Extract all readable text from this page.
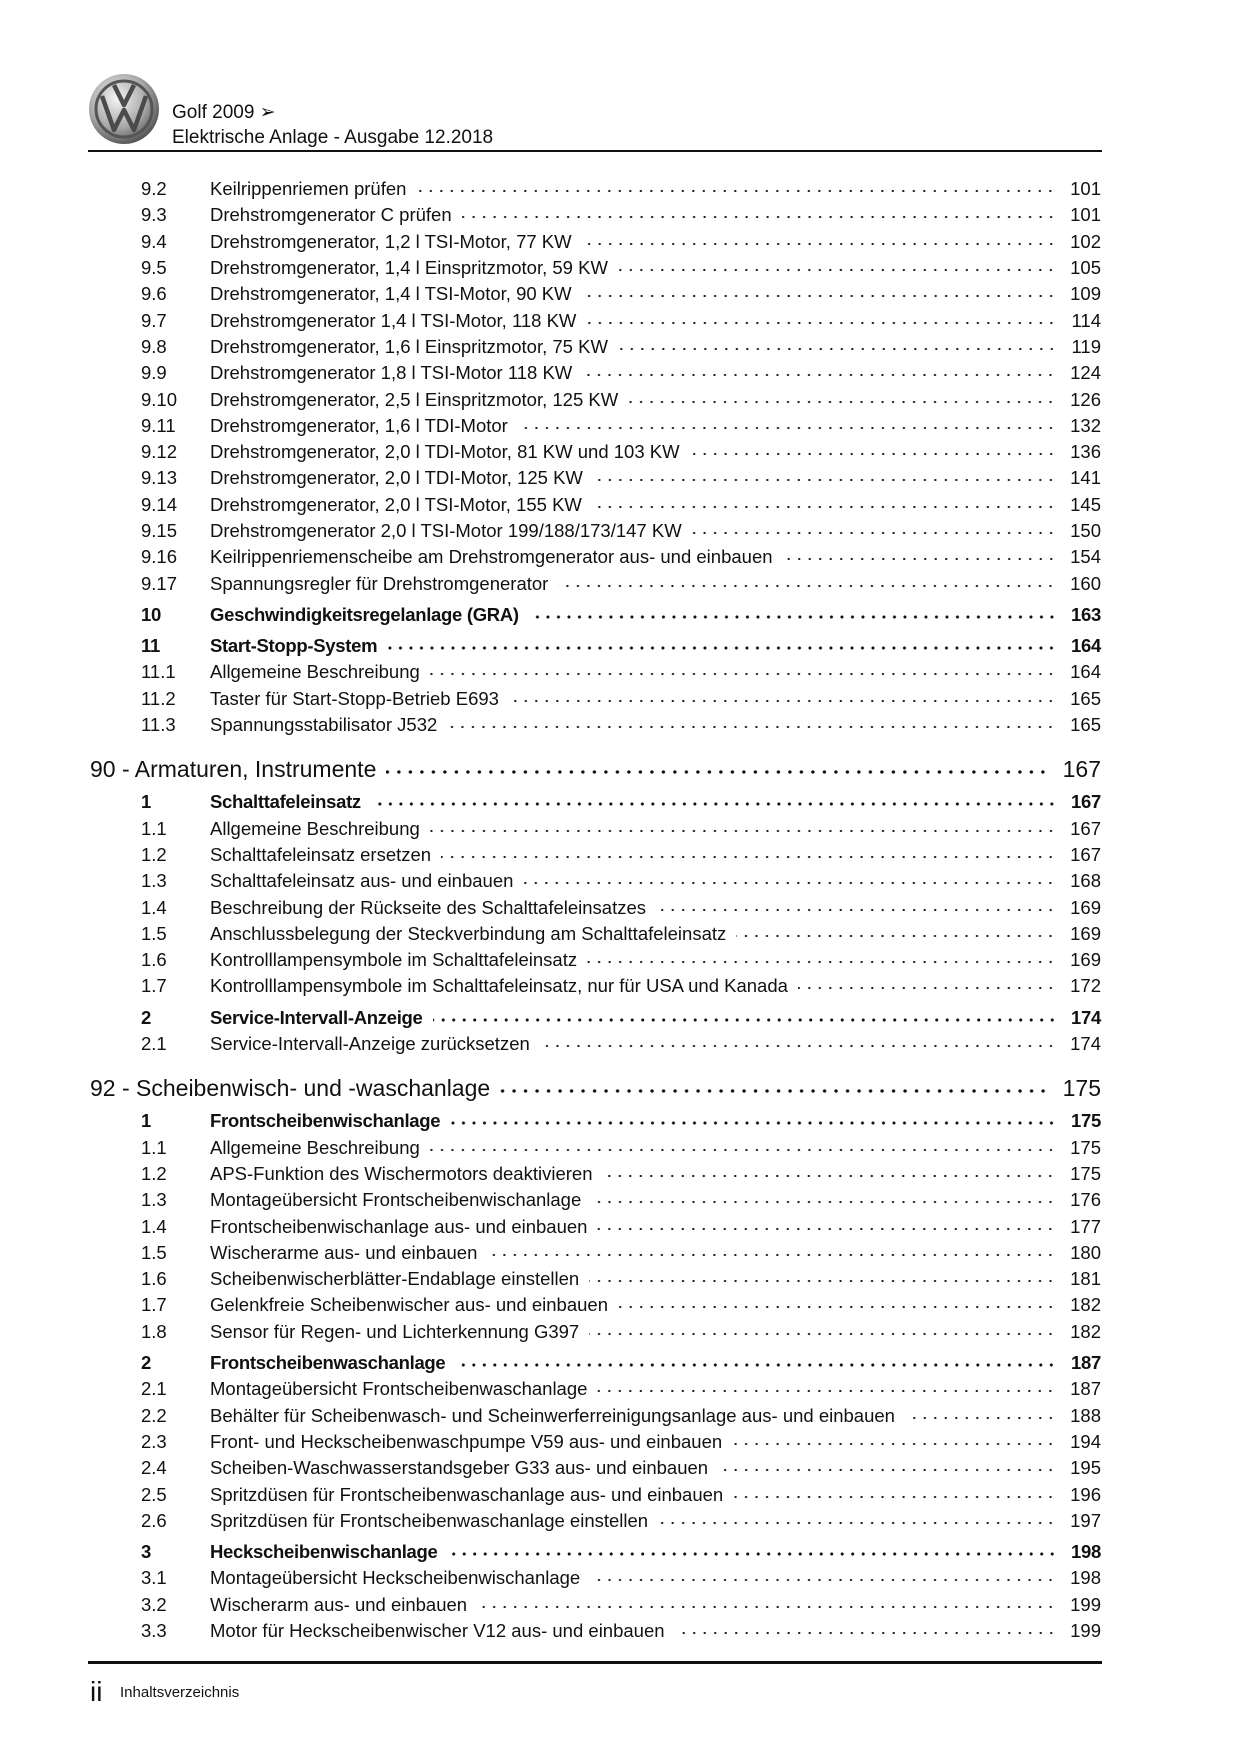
Golf 2009 ➢
Elektrische Anlage - Ausgabe 12.2018
9.2 Keilrippenriemen prüfen	101
9.3 Drehstromgenerator C prüfen	101
9.4 Drehstromgenerator, 1,2 l TSI-Motor, 77 KW	102
9.5 Drehstromgenerator, 1,4 l Einspritzmotor, 59 KW	105
9.6 Drehstromgenerator, 1,4 l TSI-Motor, 90 KW	109
9.7 Drehstromgenerator 1,4 l TSI-Motor, 118 KW	114
9.8 Drehstromgenerator, 1,6 l Einspritzmotor, 75 KW	119
9.9 Drehstromgenerator 1,8 l TSI-Motor 118 KW	124
9.10 Drehstromgenerator, 2,5 l Einspritzmotor, 125 KW	126
9.11 Drehstromgenerator, 1,6 l TDI-Motor	132
9.12 Drehstromgenerator, 2,0 l TDI-Motor, 81 KW und 103 KW	136
9.13 Drehstromgenerator, 2,0 l TDI-Motor, 125 KW	141
9.14 Drehstromgenerator, 2,0 l TSI-Motor, 155 KW	145
9.15 Drehstromgenerator 2,0 l TSI-Motor 199/188/173/147 KW	150
9.16 Keilrippenriemenscheibe am Drehstromgenerator aus- und einbauen	154
9.17 Spannungsregler für Drehstromgenerator	160
10	Geschwindigkeitsregelanlage (GRA)	163
11	Start-Stopp-System	164
11.1 Allgemeine Beschreibung	164
11.2 Taster für Start-Stopp-Betrieb E693	165
11.3 Spannungsstabilisator J532	165
90 - Armaturen, Instrumente	167
1	Schalttafeleinsatz	167
1.1 Allgemeine Beschreibung	167
1.2 Schalttafeleinsatz ersetzen	167
1.3 Schalttafeleinsatz aus- und einbauen	168
1.4 Beschreibung der Rückseite des Schalttafeleinsatzes	169
1.5 Anschlussbelegung der Steckverbindung am Schalttafeleinsatz	169
1.6 Kontrolllampensymbole im Schalttafeleinsatz	169
1.7 Kontrolllampensymbole im Schalttafeleinsatz, nur für USA und Kanada	172
2	Service-Intervall-Anzeige	174
2.1 Service-Intervall-Anzeige zurücksetzen	174
92 - Scheibenwisch- und -waschanlage	175
1	Frontscheibenwischanlage	175
1.1 Allgemeine Beschreibung	175
1.2 APS-Funktion des Wischermotors deaktivieren	175
1.3 Montageübersicht Frontscheibenwischanlage	176
1.4 Frontscheibenwischanlage aus- und einbauen	177
1.5 Wischerarme aus- und einbauen	180
1.6 Scheibenwischerblätter-Endablage einstellen	181
1.7 Gelenkfreie Scheibenwischer aus- und einbauen	182
1.8 Sensor für Regen- und Lichterkennung G397	182
2	Frontscheibenwaschanlage	187
2.1 Montageübersicht Frontscheibenwaschanlage	187
2.2 Behälter für Scheibenwasch- und Scheinwerferreinigungsanlage aus- und einbauen	188
2.3 Front- und Heckscheibenwaschpumpe V59 aus- und einbauen	194
2.4 Scheiben-Waschwasserstandsgeber G33 aus- und einbauen	195
2.5 Spritzdüsen für Frontscheibenwaschanlage aus- und einbauen	196
2.6 Spritzdüsen für Frontscheibenwaschanlage einstellen	197
3	Heckscheibenwischanlage	198
3.1 Montageübersicht Heckscheibenwischanlage	198
3.2 Wischerarm aus- und einbauen	199
3.3 Motor für Heckscheibenwischer V12 aus- und einbauen	199
ii Inhaltsverzeichnis
